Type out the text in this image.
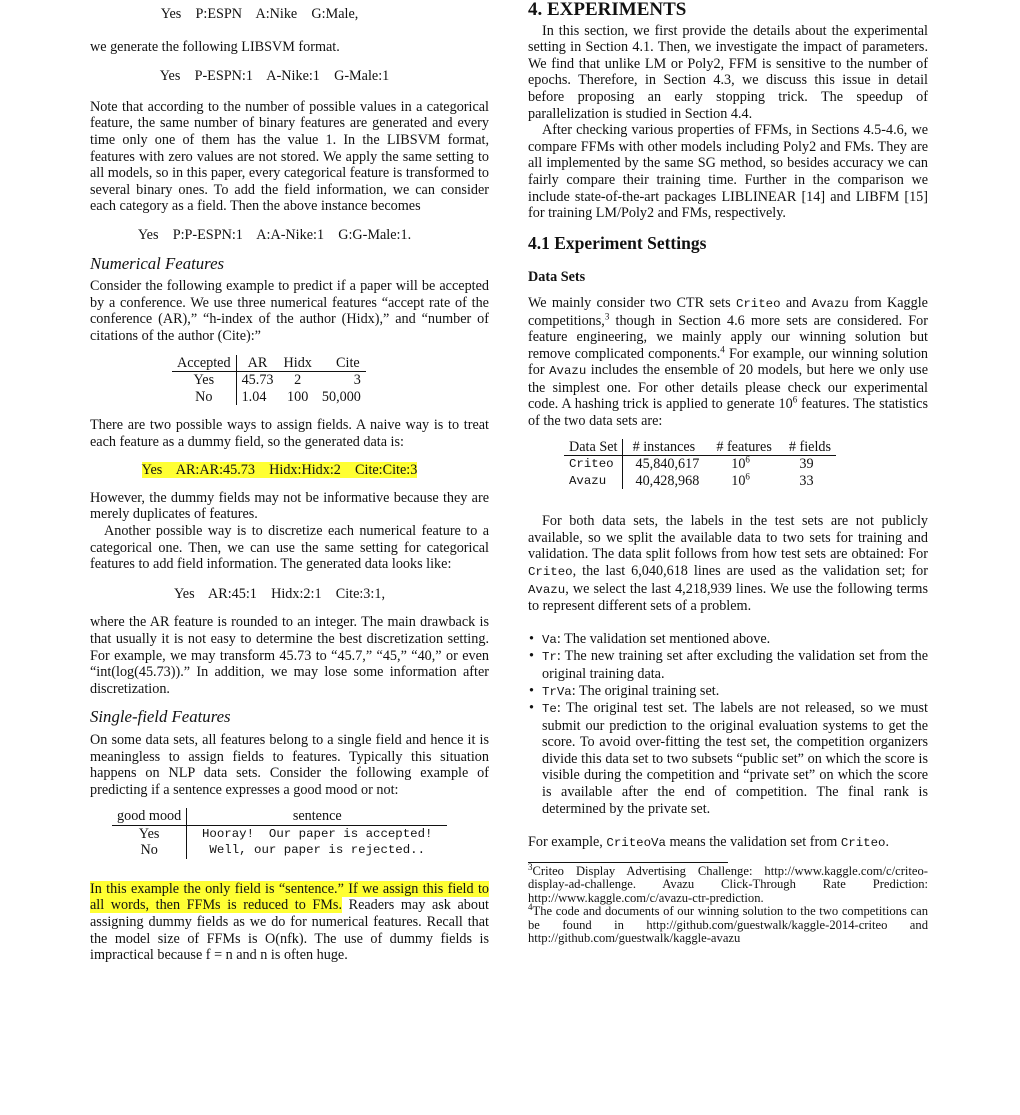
Yes    P:ESPN    A:Nike    G:Male,

we generate the following LIBSVM format.

Yes    P-ESPN:1    A-Nike:1    G-Male:1

Note that according to the number of possible values in a categorical feature, the same number of binary features are generated and every time only one of them has the value 1. In the LIBSVM format, features with zero values are not stored. We apply the same setting to all models, so in this paper, every categorical feature is transformed to several binary ones. To add the field information, we can consider each category as a field. Then the above instance becomes

Yes    P:P-ESPN:1    A:A-Nike:1    G:G-Male:1.

Numerical Features

Consider the following example to predict if a paper will be accepted by a conference. We use three numerical features “accept rate of the conference (AR),” “h-index of the author (Hidx),” and “number of citations of the author (Cite):”

Accepted	AR	Hidx	Cite
Yes	45.73	2	3
No	1.04	100	50,000

There are two possible ways to assign fields. A naive way is to treat each feature as a dummy field, so the generated data is:

Yes    AR:AR:45.73    Hidx:Hidx:2    Cite:Cite:3

However, the dummy fields may not be informative because they are merely duplicates of features.

Another possible way is to discretize each numerical feature to a categorical one. Then, we can use the same setting for categorical features to add field information. The generated data looks like:

Yes    AR:45:1    Hidx:2:1    Cite:3:1,

where the AR feature is rounded to an integer. The main drawback is that usually it is not easy to determine the best discretization setting. For example, we may transform 45.73 to “45.7,” “45,” “40,” or even “int(log(45.73)).” In addition, we may lose some information after discretization.

Single-field Features

On some data sets, all features belong to a single field and hence it is meaningless to assign fields to features. Typically this situation happens on NLP data sets. Consider the following example of predicting if a sentence expresses a good mood or not:

good mood	sentence
Yes	Hooray!  Our paper is accepted!
No	Well, our paper is rejected..

In this example the only field is “sentence.” If we assign this field to all words, then FFMs is reduced to FMs. Readers may ask about assigning dummy fields as we do for numerical features. Recall that the model size of FFMs is O(nfk). The use of dummy fields is impractical because f = n and n is often huge.

4. EXPERIMENTS

In this section, we first provide the details about the experimental setting in Section 4.1. Then, we investigate the impact of parameters. We find that unlike LM or Poly2, FFM is sensitive to the number of epochs. Therefore, in Section 4.3, we discuss this issue in detail before proposing an early stopping trick. The speedup of parallelization is studied in Section 4.4.

After checking various properties of FFMs, in Sections 4.5-4.6, we compare FFMs with other models including Poly2 and FMs. They are all implemented by the same SG method, so besides accuracy we can fairly compare their training time. Further in the comparison we include state-of-the-art packages LIBLINEAR [14] and LIBFM [15] for training LM/Poly2 and FMs, respectively.

4.1 Experiment Settings
Data Sets

We mainly consider two CTR sets Criteo and Avazu from Kaggle competitions,$^3$ though in Section 4.6 more sets are considered. For feature engineering, we mainly apply our winning solution but remove complicated components.$^4$ For example, our winning solution for Avazu includes the ensemble of 20 models, but here we only use the simplest one. For other details please check our experimental code. A hashing trick is applied to generate $10^6$ features. The statistics of the two data sets are:

Data Set	# instances	# features	# fields
Criteo	45,840,617	$10^6$	39
Avazu	40,428,968	$10^6$	33

For both data sets, the labels in the test sets are not publicly available, so we split the available data to two sets for training and validation. The data split follows from how test sets are obtained: For Criteo, the last 6,040,618 lines are used as the validation set; for Avazu, we select the last 4,218,939 lines. We use the following terms to represent different sets of a problem.

• Va: The validation set mentioned above.
• Tr: The new training set after excluding the validation set from the original training data.
• TrVa: The original training set.
• Te: The original test set. The labels are not released, so we must submit our prediction to the original evaluation systems to get the score. To avoid over-fitting the test set, the competition organizers divide this data set to two subsets “public set” on which the score is visible during the competition and “private set” on which the score is available after the end of competition. The final rank is determined by the private set.

For example, CriteoVa means the validation set from Criteo.

$^3$Criteo Display Advertising Challenge: http://www.kaggle.com/c/criteo-display-ad-challenge. Avazu Click-Through Rate Prediction: http://www.kaggle.com/c/avazu-ctr-prediction.

$^4$The code and documents of our winning solution to the two competitions can be found in http://github.com/guestwalk/kaggle-2014-criteo and http://github.com/guestwalk/kaggle-avazu
